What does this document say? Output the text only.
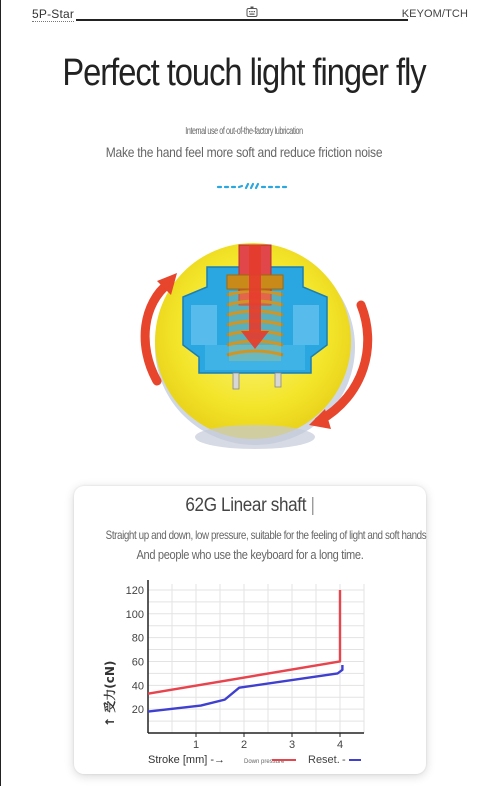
5P-Star	KEYOM/TCH
Perfect touch light finger fly
Internal use of out-of-the-factory lubrication
Make the hand feel more soft and reduce friction noise
62G Linear shaft |
Straight up and down, low pressure, suitable for the feeling of light and soft hands
And people who use the keyboard for a long time.
20
40
60
80
100
120
1	2	3	4
↑ 受力(cN)
Stroke [mm] -→	Down pressure Reset. -
